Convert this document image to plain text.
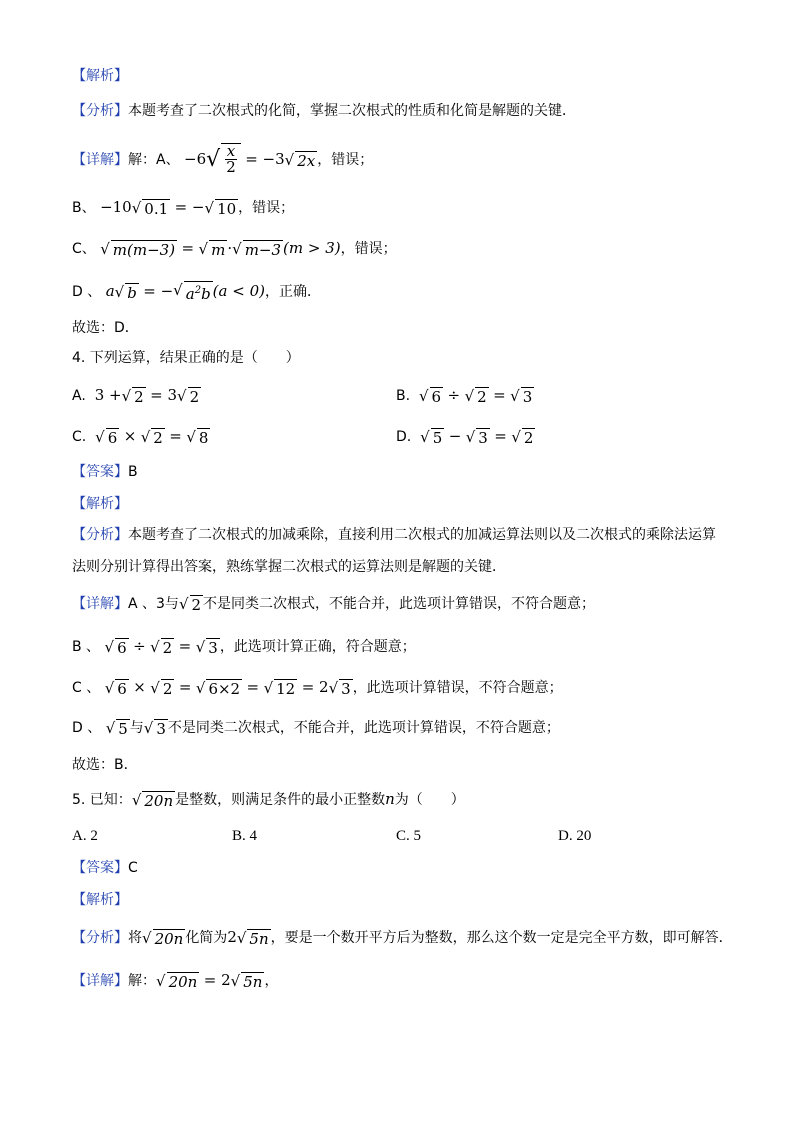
【解析】
【分析】本题考查了二次根式的化简，掌握二次根式的性质和化简是解题的关键．
【详解】解：A、 −6 √ $\frac{x}{2} = -3$ √ 2x ，错误；
B、 −10 √ 0.1 = − √ 10 ，错误；
C、 √ m(m−3) = √ m · √ m−3 (m > 3)，错误；
D 、 a √ b = − √ $a^2b$ (a < 0)，正确．
故选：D．
4. 下列运算，结果正确的是（　　）
A. 3 + √ 2 = 3 √ 2	B. √ 6 ÷ √ 2 = √ 3
C. √ 6 × √ 2 = √ 8	D. √ 5 − √ 3 = √ 2
【答案】B
【解析】
【分析】本题考查了二次根式的加减乘除，直接利用二次根式的加减运算法则以及二次根式的乘除法运算
法则分别计算得出答案，熟练掌握二次根式的运算法则是解题的关键．
【详解】A 、3与 √ 2 不是同类二次根式，不能合并，此选项计算错误，不符合题意；
B 、 √ 6 ÷ √ 2 = √ 3 ，此选项计算正确，符合题意；
C 、 √ 6 × √ 2 = √ 6×2 = √ 12 = 2 √ 3 ，此选项计算错误，不符合题意；
D 、 √ 5 与 √ 3 不是同类二次根式，不能合并，此选项计算错误，不符合题意；
故选：B．
5. 已知： √ 20n 是整数，则满足条件的最小正整数n为（　　）
A. 2	B. 4	C. 5	D. 20
【答案】C
【解析】
【分析】将 √ 20n 化简为2 √ 5n ，要是一个数开平方后为整数，那么这个数一定是完全平方数，即可解答．
【详解】解： √ 20n = 2 √ 5n ，
